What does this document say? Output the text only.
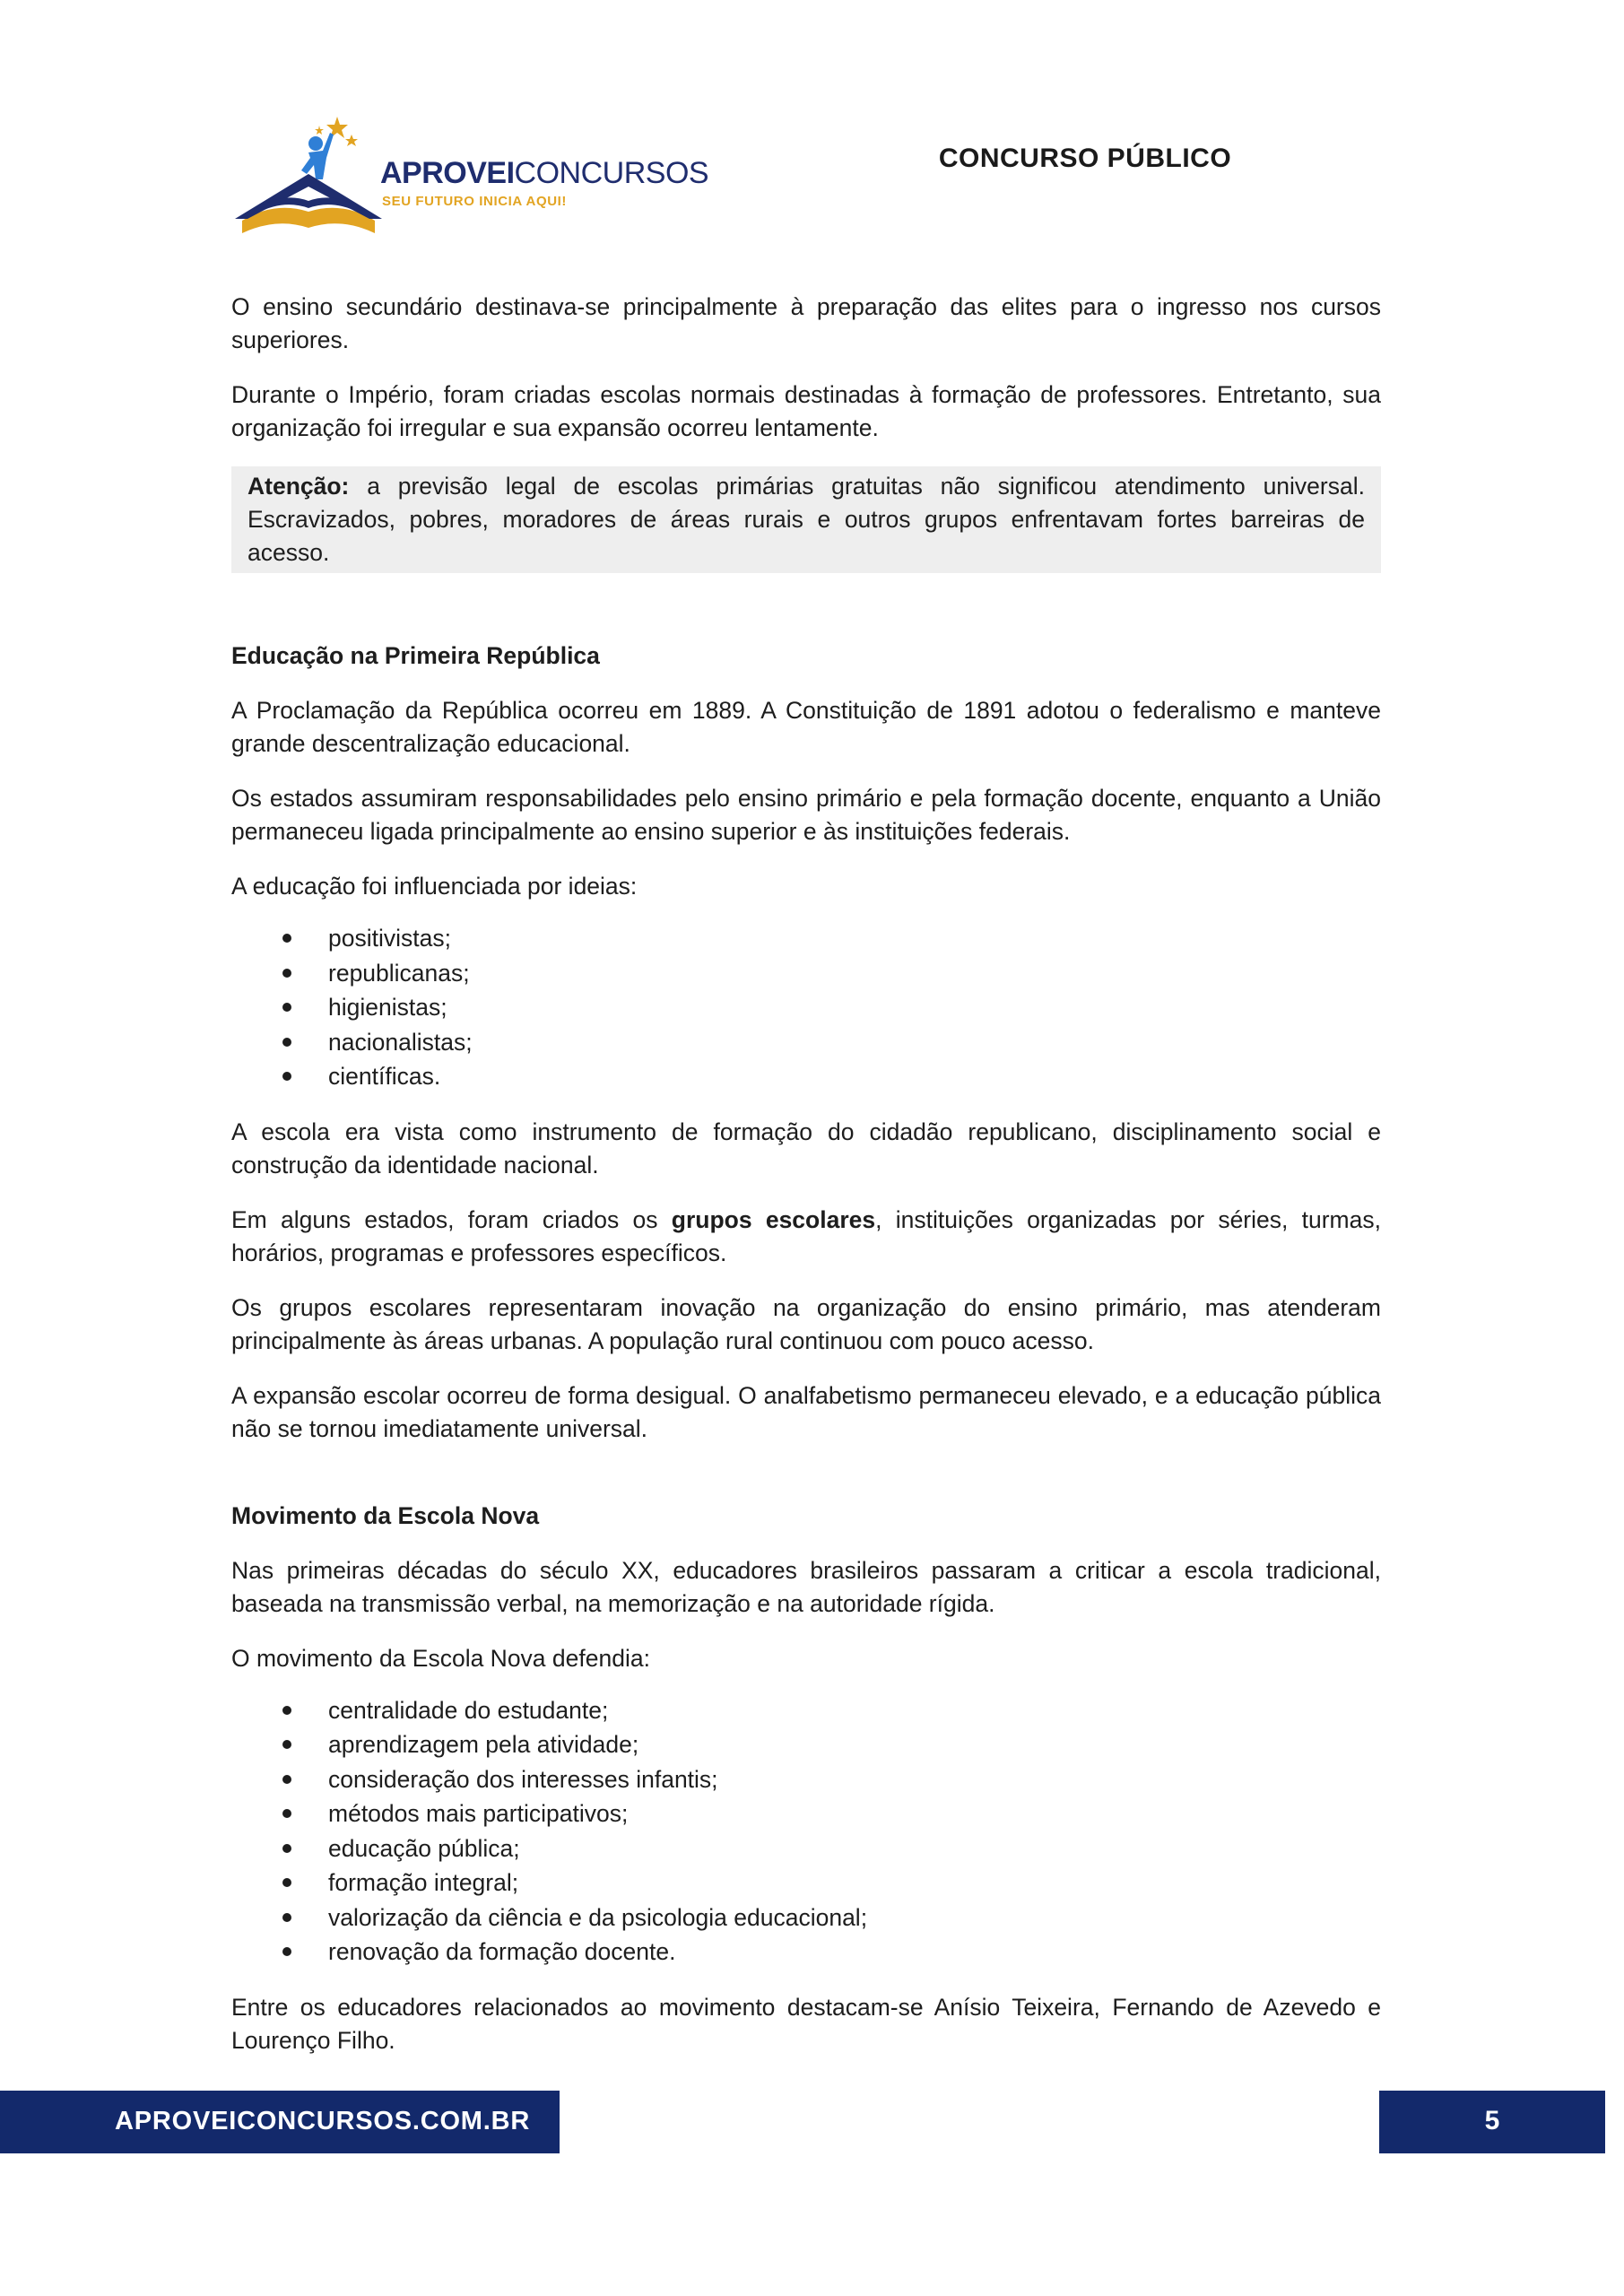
APROVEICONCURSOS
SEU FUTURO INICIA AQUI!
CONCURSO PÚBLICO

O ensino secundário destinava-se principalmente à preparação das elites para o ingresso nos cursos superiores.

Durante o Império, foram criadas escolas normais destinadas à formação de professores. Entretanto, sua organização foi irregular e sua expansão ocorreu lentamente.

Atenção: a previsão legal de escolas primárias gratuitas não significou atendimento universal. Escravizados, pobres, moradores de áreas rurais e outros grupos enfrentavam fortes barreiras de acesso.

Educação na Primeira República

A Proclamação da República ocorreu em 1889. A Constituição de 1891 adotou o federalismo e manteve grande descentralização educacional.

Os estados assumiram responsabilidades pelo ensino primário e pela formação docente, enquanto a União permaneceu ligada principalmente ao ensino superior e às instituições federais.

A educação foi influenciada por ideias:

positivistas;
republicanas;
higienistas;
nacionalistas;
científicas.

A escola era vista como instrumento de formação do cidadão republicano, disciplinamento social e construção da identidade nacional.

Em alguns estados, foram criados os grupos escolares, instituições organizadas por séries, turmas, horários, programas e professores específicos.

Os grupos escolares representaram inovação na organização do ensino primário, mas atenderam principalmente às áreas urbanas. A população rural continuou com pouco acesso.

A expansão escolar ocorreu de forma desigual. O analfabetismo permaneceu elevado, e a educação pública não se tornou imediatamente universal.

Movimento da Escola Nova

Nas primeiras décadas do século XX, educadores brasileiros passaram a criticar a escola tradicional, baseada na transmissão verbal, na memorização e na autoridade rígida.

O movimento da Escola Nova defendia:

centralidade do estudante;
aprendizagem pela atividade;
consideração dos interesses infantis;
métodos mais participativos;
educação pública;
formação integral;
valorização da ciência e da psicologia educacional;
renovação da formação docente.

Entre os educadores relacionados ao movimento destacam-se Anísio Teixeira, Fernando de Azevedo e Lourenço Filho.

APROVEICONCURSOS.COM.BR	5
